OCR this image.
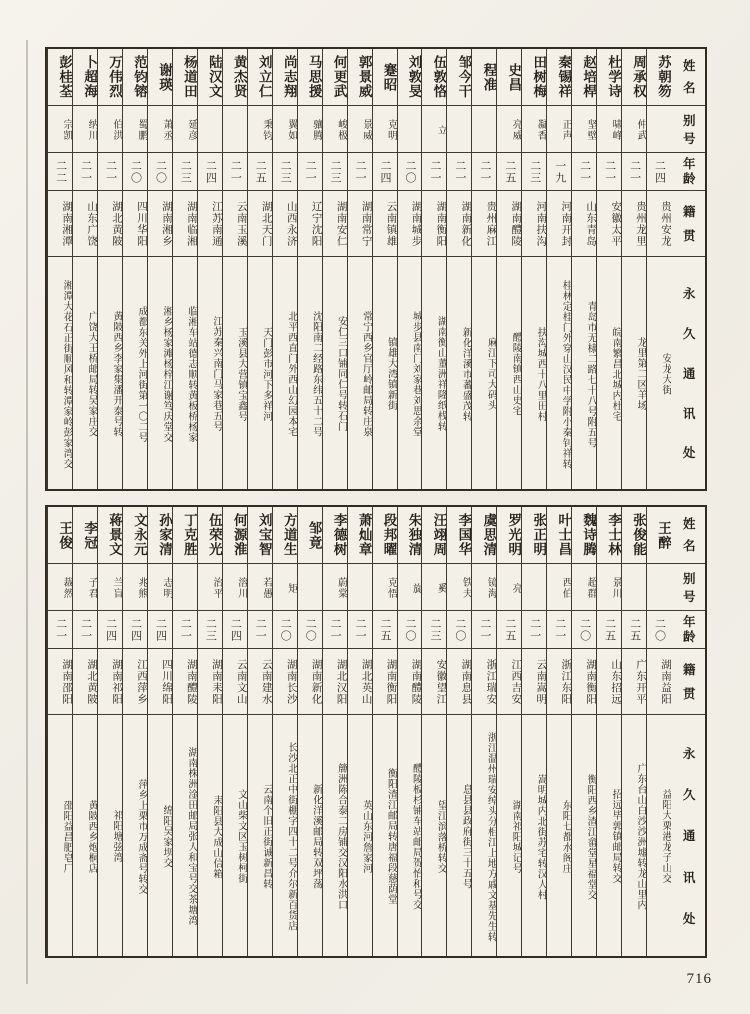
姓
名
别
号
年
龄
籍
贯
永
久
通
讯
处
苏朝笏
二四
贵州安龙
安龙大街
周承权
仲武
二一
贵州龙里
龙里第二区羊场
杜学诗
啸峰
二一
安徽太平
皖南繁昌北城内杜宅
赵培桿
坚壁
二一
山东青岛
青岛市无棣二路七十八号附五号
秦锡祥
正声
一九
河南开封
桂林定桂门外穿山汉民中学附小秦钊祥转
田树梅
凝香
二三
河南扶沟
扶沟城西十八里田村
史昌
亮威
二五
湖南醴陵
醴陵南镇西山史宅
程准
二一
贵州麻江
麻江下司大码头
邹今干
二一
湖南新化
新化洋溪市蕃盛茂转
伍敦恪
立
二一
湖南衡阳
湖南衡山董洲祥隆纸栈转
刘敦旻
二〇
湖南城步
城步县南门刘家巷刘思余堂
蹇昭
克明
二四
云南镇雄
镇雄大湾镇新街
郭景威
景威
二一
湖南常宁
常宁西乡官厅岭邮局转庄泉
何更武
峻极
二三
湖南安仁
安仁三口铺同仁号转石门
马思援
骧腾
二一
辽宁沈阳
沈阳南二经路东纬五十二号
尚志翔
翼如
二三
山西永济
北平西直门外西山幻园本宅
刘立仁
秉钧
二五
湖北天门
天门彭市河下多祥河
黄杰贤
二一
云南玉溪
玉溪县大营镇宝鑫号
陆汉文
二四
江苏南通
江苏秦兴南门马家巷五号
杨道田
延彦
二三
湖南临湘
临湘车站德志顺转黄板桥杨家
谢瑛
萧丞
二〇
湖南湘乡
湘乡杨家滩杨梓江谢笃庆堂交
范钧镕
蜀鹏
二〇
四川华阳
成都东关外上河街第一〇二号
万伟烈
伯洪
二一
湖北黄陂
黄陂西乡李家集潘开泰号转
卜超海
纳川
二一
山东广饶
广饶大王桥邮局转吴家庄交
彭桂荃
宗凯
二二
湖南湘潭
湘潭大花石正街顺风和转潭家岭彭家湾交
姓
名
别
号
年
龄
籍
贯
永
久
通
讯
处
王醉
二〇
湖南益阳
益阳大栗港龙子山交
张俊能
二五
广东开平
广东台山白沙沙洲墟转龙山里内
李士林
景川
二五
山东招远
招远毕郭镇邮局转交
魏诗腾
超群
二〇
湖南衡阳
衡阳西乡渣江畲堂星福堂交
叶士昌
西伯
二一
浙江东阳
东阳七都水阁庄
张正明
二一
云南嵩明
嵩明城内北街苏宅转汉人村
罗光明
亮
二五
江西吉安
湖南祁阳城记号
虞思清
镜海
二一
浙江瑞安
浙江温州瑞安绰头分柜江上地方戚文基先生转
李国华
铁夫
二〇
湖南息县
息县县政府街三十五号
汪翊周
奚
二三
安徽望江
望江滨落桥转交
朱独清
旋
二〇
湖南醴陵
醴陵板杉铺车站邮局贺怡和号交
段邦曜
克悟
二五
湖南衡阳
衡阳渣江邮局转唐福段慈荫堂
萧灿章
二一
湖北英山
英山东河詹家河
李德树
蔚棠
二一
湖北汉阳
簰洲陈合泰二房铺交汉阳水洪口
邹竟
二〇
湖南新化
新化洋溪邮局转双坪荡
方道生
矩
二〇
湖南长沙
长沙北正中街棚字四十二号介尔新百货店
刘宝智
若愚
二一
云南建水
云南个旧正街诚新昌转
何源淮
溶川
二四
云南文山
文山柴文区玉树柯街
伍荣光
治平
二三
湖南耒阳
耒阳县大成山信箱
丁克胜
二一
湖南醴陵
湖南株洲淦田邮局张人和宝号交茶塘湾
孙家清
志明
二四
四川绵阳
绵阳吴家坝交
文永元
兆熊
二四
江西萍乡
萍乡上栗市万成斋号转交
蒋景文
兰盲
二四
湖南祁阳
祁阳塘弦湾
李冠
子君
二一
湖北黄陂
黄陂西乡炮桐店
王俊
裁然
二一
湖南邵阳
邵阳益昌肥皂厂
716
